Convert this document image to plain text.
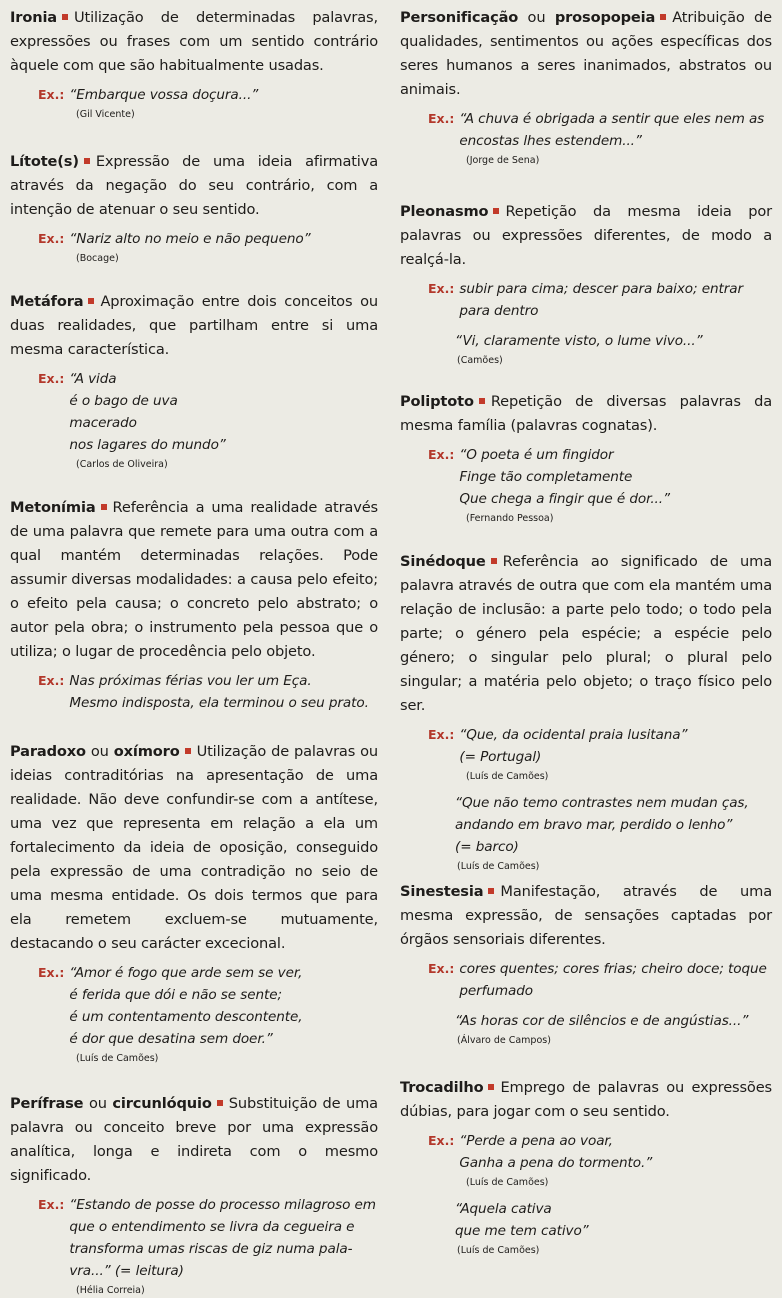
Ironia Utilização de determinadas palavras, expressões ou frases com um sentido contrário àquele com que são habitualmente usadas.

$^{Ex.:}$ “Embarque vossa doçura...”
(Gil Vicente)

Lítote(s) Expressão de uma ideia afirmativa através da negação do seu contrário, com a intenção de atenuar o seu sentido.

$^{Ex.:}$ “Nariz alto no meio e não pequeno”
(Bocage)

Metáfora Aproximação entre dois conceitos ou duas realidades, que partilham entre si uma mesma característica.

$^{Ex.:}$ “A vida
é o bago de uva
macerado
nos lagares do mundo”
(Carlos de Oliveira)

Metonímia Referência a uma realidade através de uma palavra que remete para uma outra com a qual mantém determinadas relações. Pode assumir diversas modalidades: a causa pelo efeito; o efeito pela causa; o concreto pelo abstrato; o autor pela obra; o instrumento pela pessoa que o utiliza; o lugar de procedência pelo objeto.

$^{Ex.:}$ Nas próximas férias vou ler um Eça.
Mesmo indisposta, ela terminou o seu prato.

Paradoxo ou oxímoro Utilização de palavras ou ideias contraditórias na apresentação de uma realidade. Não deve confundir-se com a antítese, uma vez que representa em relação a ela um fortalecimento da ideia de oposição, conseguido pela expressão de uma contradição no seio de uma mesma entidade. Os dois termos que para ela remetem excluem-se mutuamente, destacando o seu carácter excecional.

$^{Ex.:}$ “Amor é fogo que arde sem se ver,
é ferida que dói e não se sente;
é um contentamento descontente,
é dor que desatina sem doer.”
(Luís de Camões)

Perífrase ou circunlóquio Substituição de uma palavra ou conceito breve por uma expressão analítica, longa e indireta com o mesmo significado.

$^{Ex.:}$ “Estando de posse do processo milagroso em
que o entendimento se livra da cegueira e
transforma umas riscas de giz numa pala-
vra...” (= leitura)
(Hélia Correia)

Personificação ou prosopopeia Atribuição de qualidades, sentimentos ou ações específicas dos seres humanos a seres inanimados, abstratos ou animais.

$^{Ex.:}$ “A chuva é obrigada a sentir que eles nem as
encostas lhes estendem...”
(Jorge de Sena)

Pleonasmo Repetição da mesma ideia por palavras ou expressões diferentes, de modo a realçá-la.

$^{Ex.:}$ subir para cima; descer para baixo; entrar
para dentro
“Vi, claramente visto, o lume vivo...”
(Camões)

Poliptoto Repetição de diversas palavras da mesma família (palavras cognatas).

$^{Ex.:}$ “O poeta é um fingidor
Finge tão completamente
Que chega a fingir que é dor...”
(Fernando Pessoa)

Sinédoque Referência ao significado de uma palavra através de outra que com ela mantém uma relação de inclusão: a parte pelo todo; o todo pela parte; o género pela espécie; a espécie pelo género; o singular pelo plural; o plural pelo singular; a matéria pelo objeto; o traço físico pelo ser.

$^{Ex.:}$ “Que, da ocidental praia lusitana”
(= Portugal)
(Luís de Camões)
“Que não temo contrastes nem mudan ças,
andando em bravo mar, perdido o lenho”
(= barco)
(Luís de Camões)

Sinestesia Manifestação, através de uma mesma expressão, de sensações captadas por órgãos sensoriais diferentes.

$^{Ex.:}$ cores quentes; cores frias; cheiro doce; toque
perfumado
“As horas cor de silêncios e de angústias...”
(Álvaro de Campos)

Trocadilho Emprego de palavras ou expressões dúbias, para jogar com o seu sentido.

$^{Ex.:}$ “Perde a pena ao voar,
Ganha a pena do tormento.”
(Luís de Camões)
“Aquela cativa
que me tem cativo”
(Luís de Camões)
